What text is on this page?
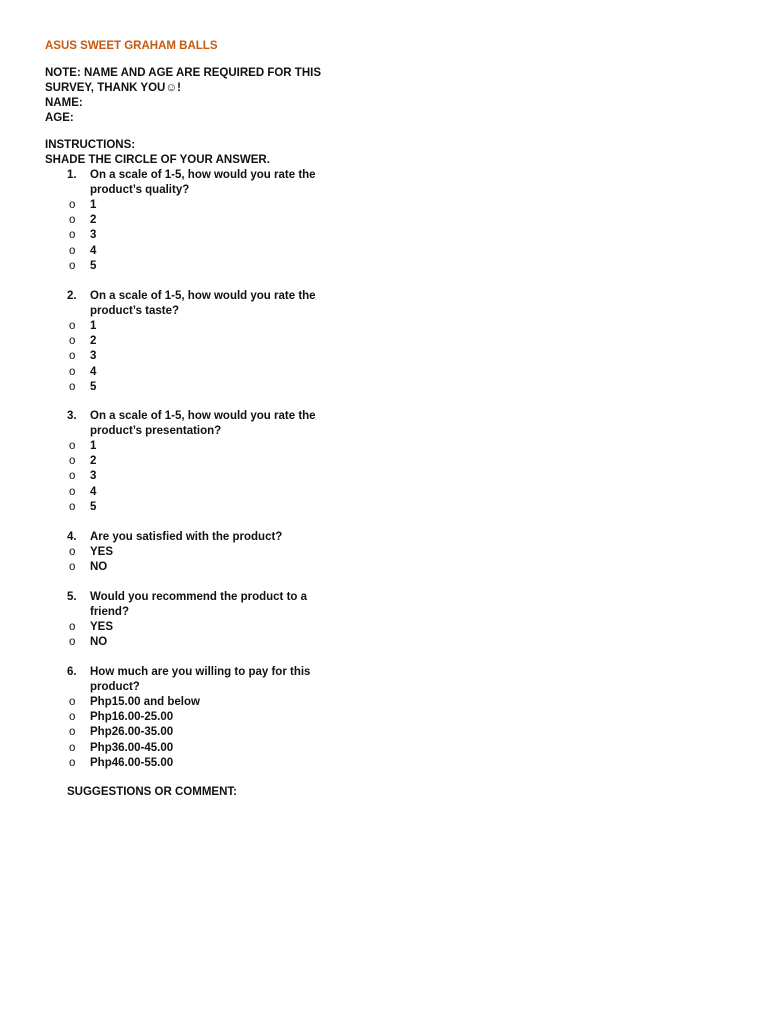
ASUS SWEET GRAHAM BALLS
NOTE: NAME AND AGE ARE REQUIRED FOR THIS
SURVEY, THANK YOU☺!
NAME:
AGE:
INSTRUCTIONS:
SHADE THE CIRCLE OF YOUR ANSWER.
1. On a scale of 1-5, how would you rate the
product’s quality?
o 1
o 2
o 3
o 4
o 5
2. On a scale of 1-5, how would you rate the
product’s taste?
o 1
o 2
o 3
o 4
o 5
3. On a scale of 1-5, how would you rate the
product’s presentation?
o 1
o 2
o 3
o 4
o 5
4. Are you satisfied with the product?
o YES
o NO
5. Would you recommend the product to a
friend?
o YES
o NO
6. How much are you willing to pay for this
product?
o Php15.00 and below
o Php16.00-25.00
o Php26.00-35.00
o Php36.00-45.00
o Php46.00-55.00
SUGGESTIONS OR COMMENT:
